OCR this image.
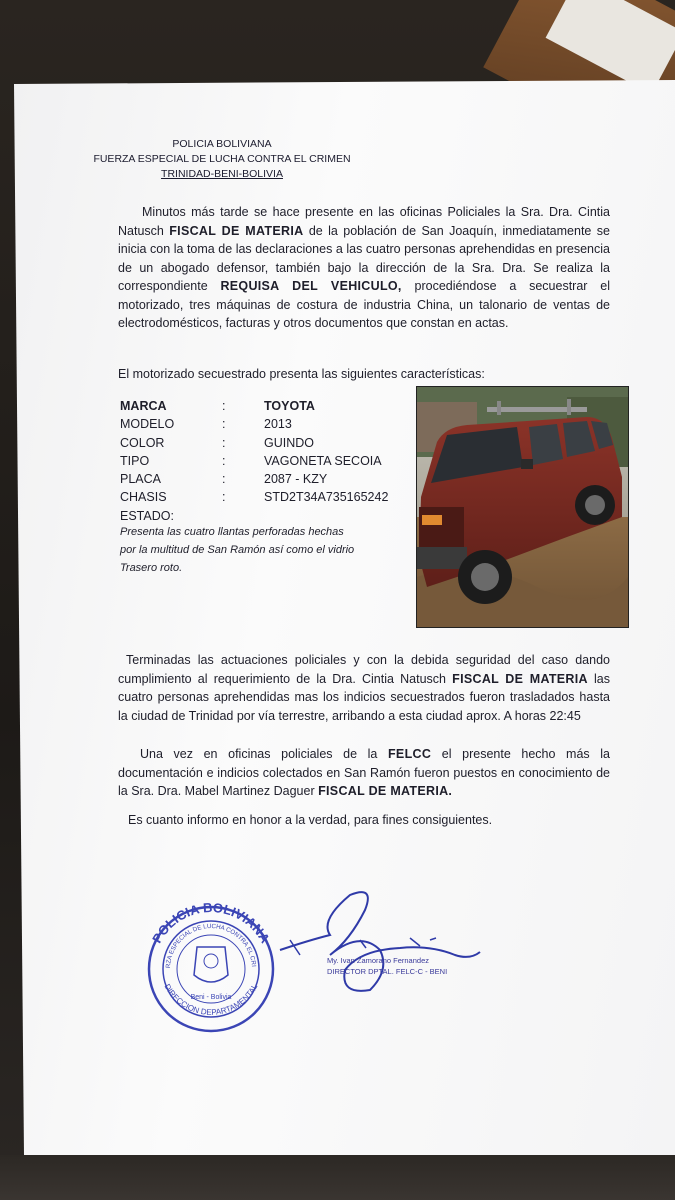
POLICIA BOLIVIANA
FUERZA ESPECIAL DE LUCHA CONTRA EL CRIMEN
TRINIDAD-BENI-BOLIVIA
Minutos más tarde se hace presente en las oficinas Policiales la Sra. Dra. Cintia Natusch FISCAL DE MATERIA de la población de San Joaquín, inmediatamente se inicia con la toma de las declaraciones a las cuatro personas aprehendidas en presencia de un abogado defensor, también bajo la dirección de la Sra. Dra. Se realiza la correspondiente REQUISA DEL VEHICULO, procediéndose a secuestrar el motorizado, tres máquinas de costura de industria China, un talonario de ventas de electrodomésticos, facturas y otros documentos que constan en actas.
El motorizado secuestrado presenta las siguientes características:
MARCA	:	TOYOTA
MODELO	:	2013
COLOR	:	GUINDO
TIPO	:	VAGONETA SECOIA
PLACA	:	2087 - KZY
CHASIS	:	STD2T34A735165242
ESTADO:
Presenta las cuatro llantas perforadas hechas
por la multitud de San Ramón así como el vidrio
Trasero roto.
Terminadas las actuaciones policiales y con la debida seguridad del caso dando cumplimiento al requerimiento de la Dra. Cintia Natusch FISCAL DE MATERIA las cuatro personas aprehendidas mas los indicios secuestrados fueron trasladados hasta la ciudad de Trinidad por vía terrestre, arribando a esta ciudad aprox. A horas 22:45
Una vez en oficinas policiales de la FELCC el presente hecho más la documentación e indicios colectados en San Ramón fueron puestos en conocimiento de la Sra. Dra. Mabel Martinez Daguer FISCAL DE MATERIA.
Es cuanto informo en honor a la verdad, para fines consiguientes.
POLICIA BOLIVIANA
RZA ESPECIAL DE LUCHA CONTRA EL CRI
DIRECCION DEPARTAMENTAL
Beni - Bolivia
My. Ivan Zamorano Fernandez
DIRECTOR DPTAL. FELC-C - BENI
